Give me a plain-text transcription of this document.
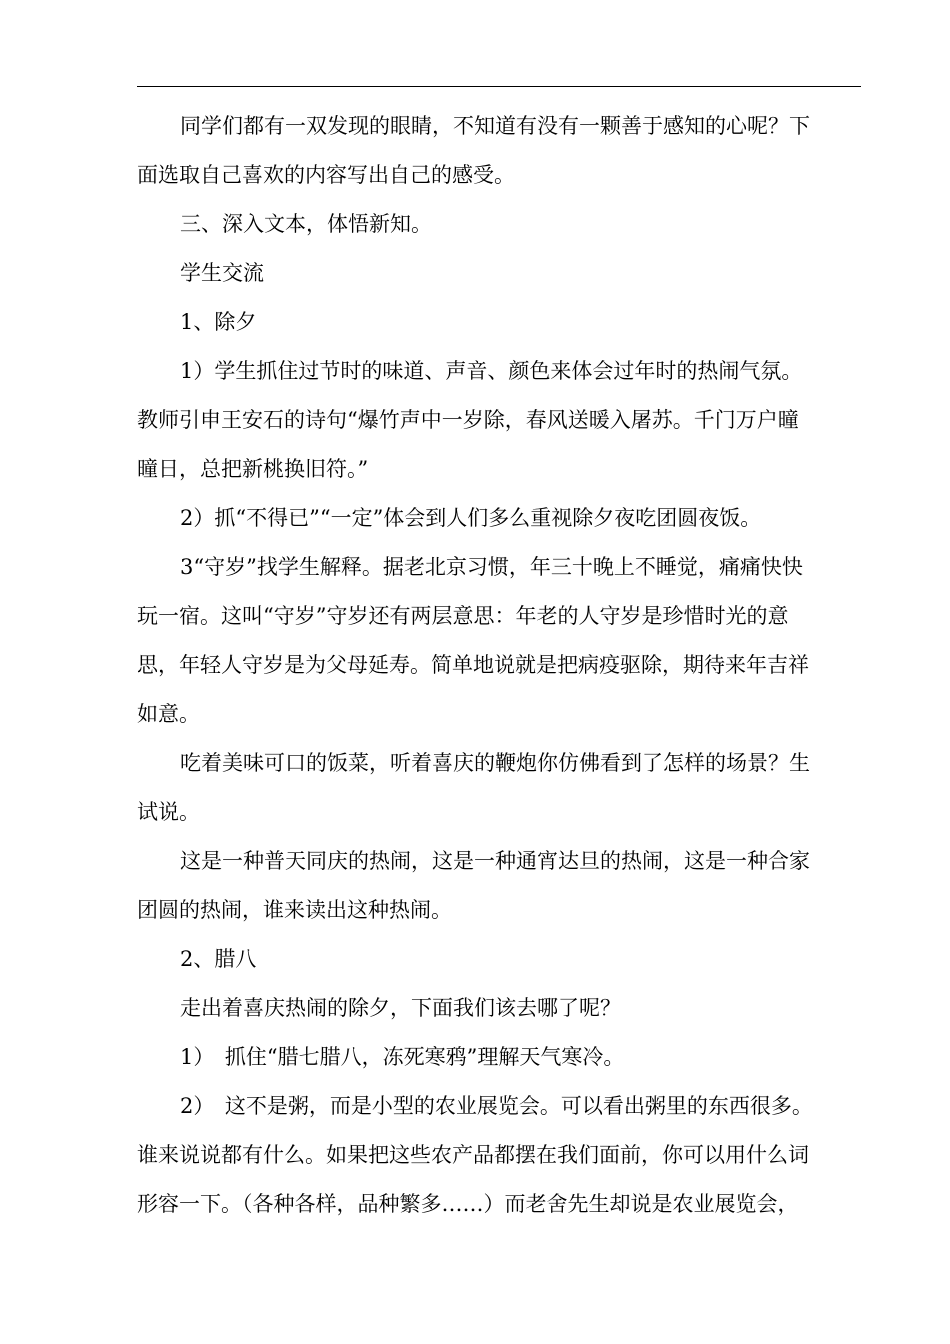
同学们都有一双发现的眼睛，不知道有没有一颗善于感知的心呢？下
面选取自己喜欢的内容写出自己的感受。
三、深入文本，体悟新知。
学生交流
1、除夕
1）学生抓住过节时的味道、声音、颜色来体会过年时的热闹气氛。
教师引申王安石的诗句“爆竹声中一岁除，春风送暖入屠苏。千门万户曈
曈日，总把新桃换旧符。”
2）抓“不得已”“一定”体会到人们多么重视除夕夜吃团圆夜饭。
3“守岁”找学生解释。据老北京习惯，年三十晚上不睡觉，痛痛快快
玩一宿。这叫“守岁”守岁还有两层意思：年老的人守岁是珍惜时光的意
思，年轻人守岁是为父母延寿。简单地说就是把病疫驱除，期待来年吉祥
如意。
吃着美味可口的饭菜，听着喜庆的鞭炮你仿佛看到了怎样的场景？生
试说。
这是一种普天同庆的热闹，这是一种通宵达旦的热闹，这是一种合家
团圆的热闹，谁来读出这种热闹。
2、腊八
走出着喜庆热闹的除夕，下面我们该去哪了呢？
1）　抓住“腊七腊八，冻死寒鸦”理解天气寒冷。
2）　这不是粥，而是小型的农业展览会。可以看出粥里的东西很多。
谁来说说都有什么。如果把这些农产品都摆在我们面前，你可以用什么词
形容一下。（各种各样，品种繁多……）而老舍先生却说是农业展览会，
